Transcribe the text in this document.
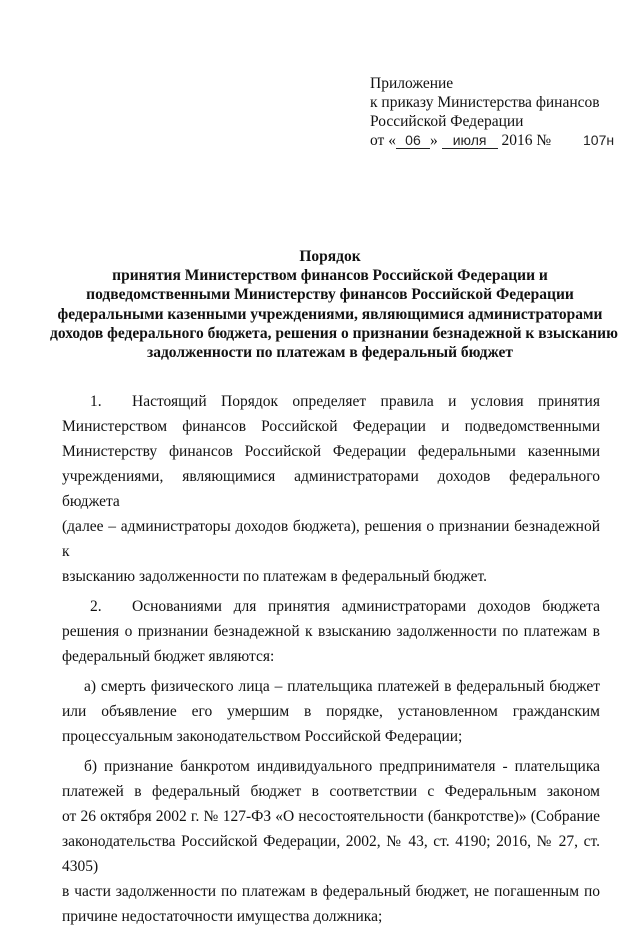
Приложение
к приказу Министерства финансов
Российской Федерации
от « 06 » июля 2016 № 107н
Порядок
принятия Министерством финансов Российской Федерации и
подведомственными Министерству финансов Российской Федерации
федеральными казенными учреждениями, являющимися администраторами
доходов федерального бюджета, решения о признании безнадежной к взысканию
задолженности по платежам в федеральный бюджет

1. Настоящий Порядок определяет правила и условия принятия
Министерством финансов Российской Федерации и подведомственными
Министерству финансов Российской Федерации федеральными казенными
учреждениями, являющимися администраторами доходов федерального бюджета
(далее – администраторы доходов бюджета), решения о признании безнадежной к
взысканию задолженности по платежам в федеральный бюджет.

2. Основаниями для принятия администраторами доходов бюджета
решения о признании безнадежной к взысканию задолженности по платежам в
федеральный бюджет являются:

а) смерть физического лица – плательщика платежей в федеральный бюджет
или объявление его умершим в порядке, установленном гражданским
процессуальным законодательством Российской Федерации;

б) признание банкротом индивидуального предпринимателя - плательщика
платежей в федеральный бюджет в соответствии с Федеральным законом
от 26 октября 2002 г. № 127-ФЗ «О несостоятельности (банкротстве)» (Собрание
законодательства Российской Федерации, 2002, № 43, ст. 4190; 2016, № 27, ст. 4305)
в части задолженности по платежам в федеральный бюджет, не погашенным по
причине недостаточности имущества должника;
